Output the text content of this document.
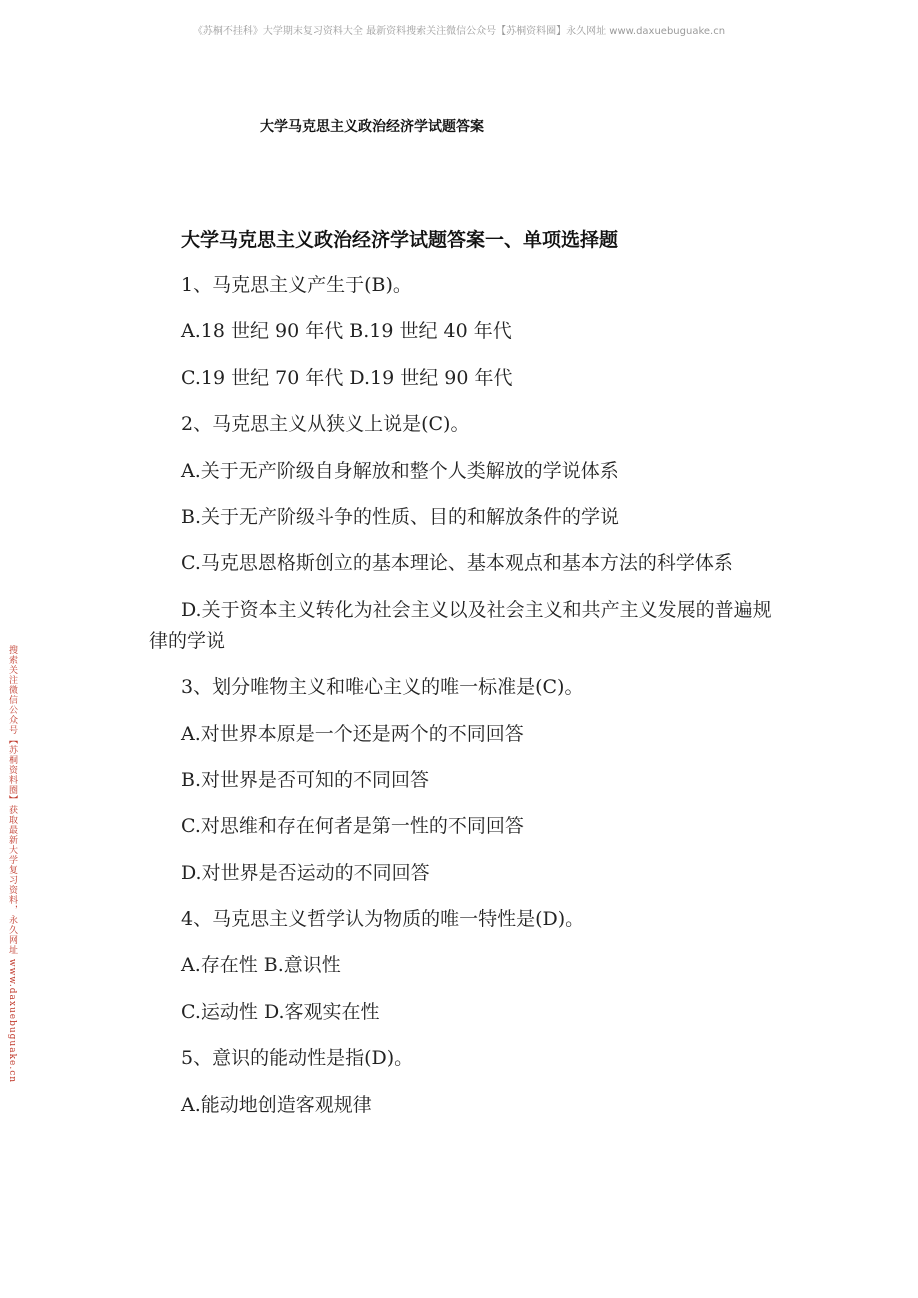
《苏桐不挂科》大学期末复习资料大全 最新资料搜索关注微信公众号【苏桐资料圈】永久网址 www.daxuebuguake.cn
搜索关注微信公众号【苏桐资料圈】获取最新大学复习资料，永久网址 www.daxuebuguake.cn
大学马克思主义政治经济学试题答案
大学马克思主义政治经济学试题答案一、单项选择题

1、马克思主义产生于(B)。

A.18 世纪 90 年代 B.19 世纪 40 年代

C.19 世纪 70 年代 D.19 世纪 90 年代

2、马克思主义从狭义上说是(C)。

A.关于无产阶级自身解放和整个人类解放的学说体系

B.关于无产阶级斗争的性质、目的和解放条件的学说

C.马克思恩格斯创立的基本理论、基本观点和基本方法的科学体系

D.关于资本主义转化为社会主义以及社会主义和共产主义发展的普遍规律的学说

3、划分唯物主义和唯心主义的唯一标准是(C)。

A.对世界本原是一个还是两个的不同回答

B.对世界是否可知的不同回答

C.对思维和存在何者是第一性的不同回答

D.对世界是否运动的不同回答

4、马克思主义哲学认为物质的唯一特性是(D)。

A.存在性 B.意识性

C.运动性 D.客观实在性

5、意识的能动性是指(D)。

A.能动地创造客观规律
